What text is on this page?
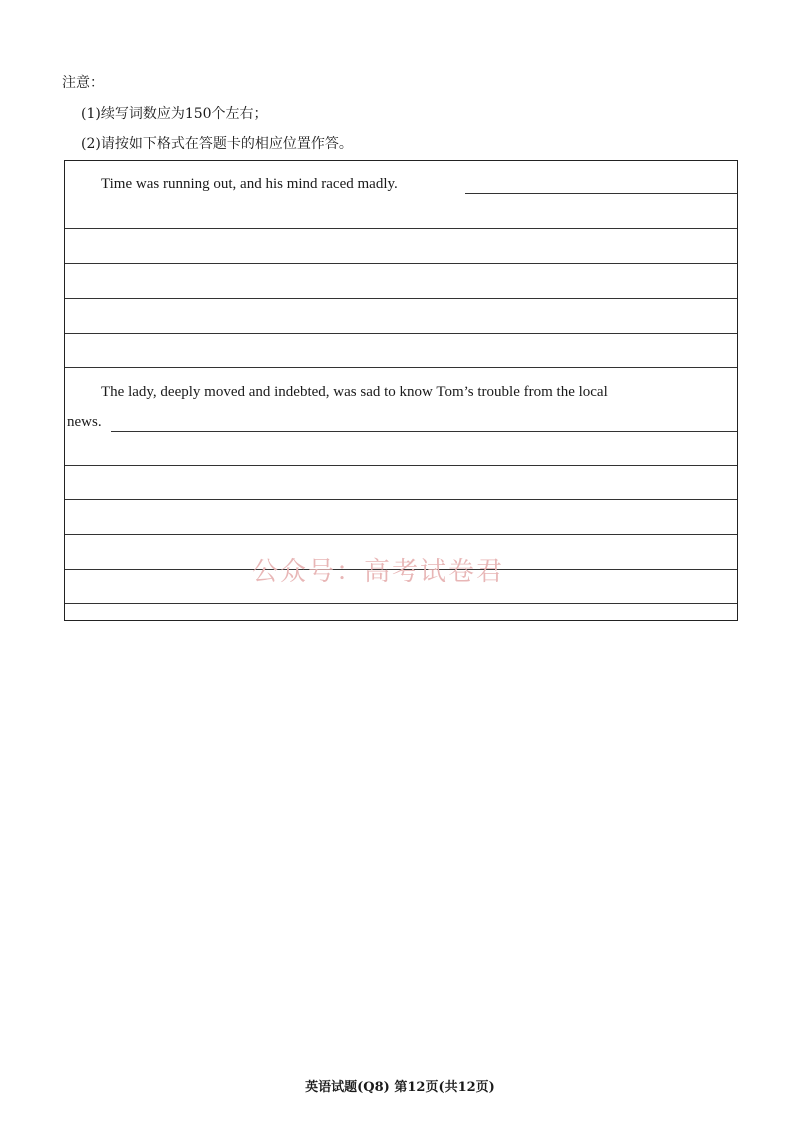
注意：
(1)续写词数应为150个左右；
(2)请按如下格式在答题卡的相应位置作答。
Time was running out, and his mind raced madly.
The lady, deeply moved and indebted, was sad to know Tom’s trouble from the local
news.
公众号：高考试卷君
英语试题(Q8) 第12页(共12页)
